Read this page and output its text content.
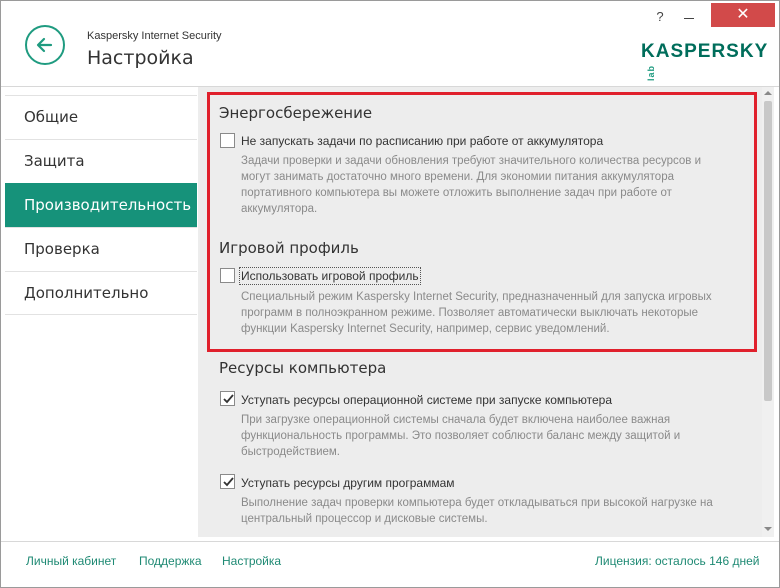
Kaspersky Internet Security
Настройка
?	✕
KASPERSKYlab
Общие
Защита
Производительность
Проверка
Дополнительно
Энергосбережение
Не запускать задачи по расписанию при работе от аккумулятора
Задачи проверки и задачи обновления требуют значительного количества ресурсов и
могут занимать достаточно много времени. Для экономии питания аккумулятора
портативного компьютера вы можете отложить выполнение задач при работе от
аккумулятора.
Игровой профиль
Использовать игровой профиль
Специальный режим Kaspersky Internet Security, предназначенный для запуска игровых
программ в полноэкранном режиме. Позволяет автоматически выключать некоторые
функции Kaspersky Internet Security, например, сервис уведомлений.
Ресурсы компьютера
Уступать ресурсы операционной системе при запуске компьютера
При загрузке операционной системы сначала будет включена наиболее важная
функциональность программы. Это позволяет соблюсти баланс между защитой и
быстродействием.
Уступать ресурсы другим программам
Выполнение задач проверки компьютера будет откладываться при высокой нагрузке на
центральный процессор и дисковые системы.
Личный кабинет Поддержка Настройка	Лицензия: осталось 146 дней
